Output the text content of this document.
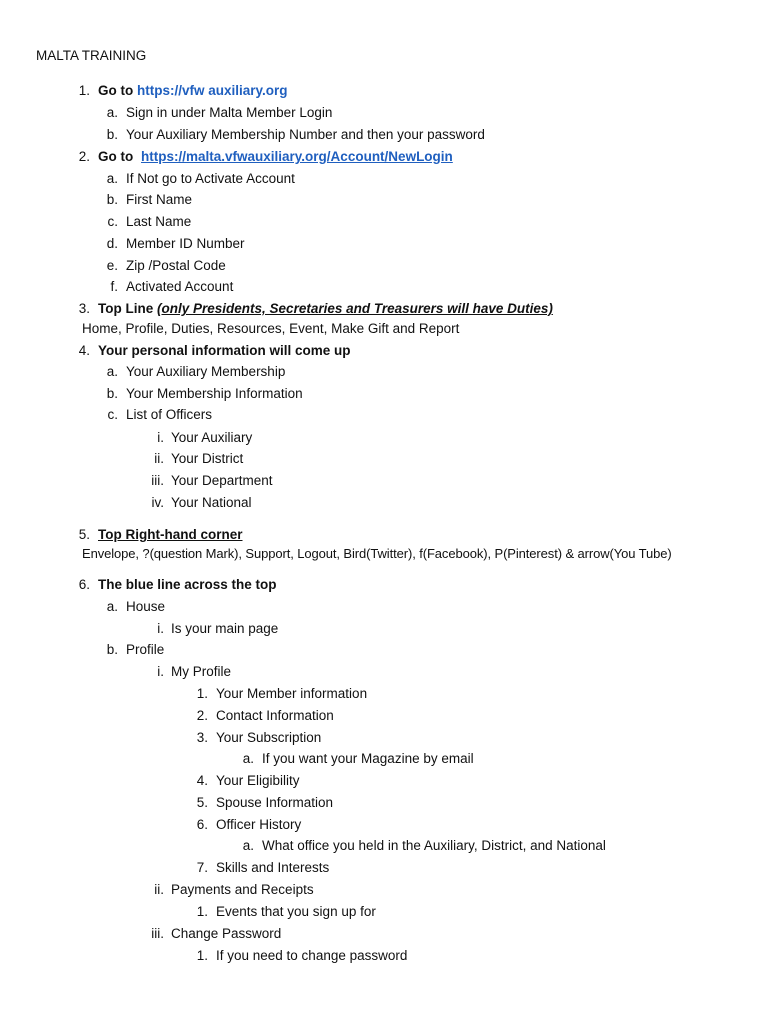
MALTA TRAINING
1. Go to https://vfw auxiliary.org
a. Sign in under Malta Member Login
b. Your Auxiliary Membership Number and then your password
2. Go to https://malta.vfwauxiliary.org/Account/NewLogin
a. If Not go to Activate Account
b. First Name
c. Last Name
d. Member ID Number
e. Zip /Postal Code
f. Activated Account
3. Top Line (only Presidents, Secretaries and Treasurers will have Duties)
Home, Profile, Duties, Resources, Event, Make Gift and Report
4. Your personal information will come up
a. Your Auxiliary Membership
b. Your Membership Information
c. List of Officers
i. Your Auxiliary
ii. Your District
iii. Your Department
iv. Your National
5. Top Right-hand corner
Envelope, ?(question Mark), Support, Logout, Bird(Twitter), f(Facebook), P(Pinterest) & arrow(You Tube)
6. The blue line across the top
a. House
i. Is your main page
b. Profile
i. My Profile
1. Your Member information
2. Contact Information
3. Your Subscription
a. If you want your Magazine by email
4. Your Eligibility
5. Spouse Information
6. Officer History
a. What office you held in the Auxiliary, District, and National
7. Skills and Interests
ii. Payments and Receipts
1. Events that you sign up for
iii. Change Password
1. If you need to change password
